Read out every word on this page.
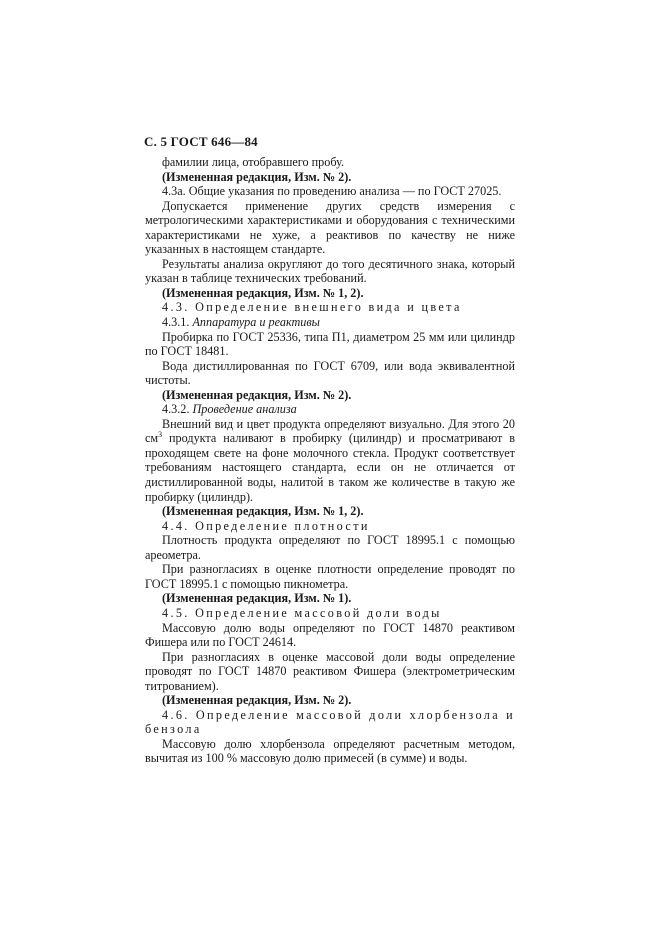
С. 5 ГОСТ 646—84

фамилии лица, отобравшего пробу.

(Измененная редакция, Изм. № 2).

4.3а. Общие указания по проведению анализа — по ГОСТ 27025.

Допускается применение других средств измерения с метрологическими характеристиками и оборудования с техническими характеристиками не хуже, а реактивов по качеству не ниже указанных в настоящем стандарте.

Результаты анализа округляют до того десятичного знака, который указан в таблице технических требований.

(Измененная редакция, Изм. № 1, 2).

4.3. Определение внешнего вида и цвета

4.3.1. Аппаратура и реактивы

Пробирка по ГОСТ 25336, типа П1, диаметром 25 мм или цилиндр по ГОСТ 18481.

Вода дистиллированная по ГОСТ 6709, или вода эквивалентной чистоты.

(Измененная редакция, Изм. № 2).

4.3.2. Проведение анализа

Внешний вид и цвет продукта определяют визуально. Для этого 20 $см^3$ продукта наливают в пробирку (цилиндр) и просматривают в проходящем свете на фоне молочного стекла. Продукт соответствует требованиям настоящего стандарта, если он не отличается от дистиллированной воды, налитой в таком же количестве в такую же пробирку (цилиндр).

(Измененная редакция, Изм. № 1, 2).

4.4. Определение плотности

Плотность продукта определяют по ГОСТ 18995.1 с помощью ареометра.

При разногласиях в оценке плотности определение проводят по ГОСТ 18995.1 с помощью пикнометра.

(Измененная редакция, Изм. № 1).

4.5. Определение массовой доли воды

Массовую долю воды определяют по ГОСТ 14870 реактивом Фишера или по ГОСТ 24614.

При разногласиях в оценке массовой доли воды определение проводят по ГОСТ 14870 реактивом Фишера (электрометрическим титрованием).

(Измененная редакция, Изм. № 2).

4.6. Определение массовой доли хлорбензола и бензола

Массовую долю хлорбензола определяют расчетным методом, вычитая из 100 % массовую долю примесей (в сумме) и воды.
